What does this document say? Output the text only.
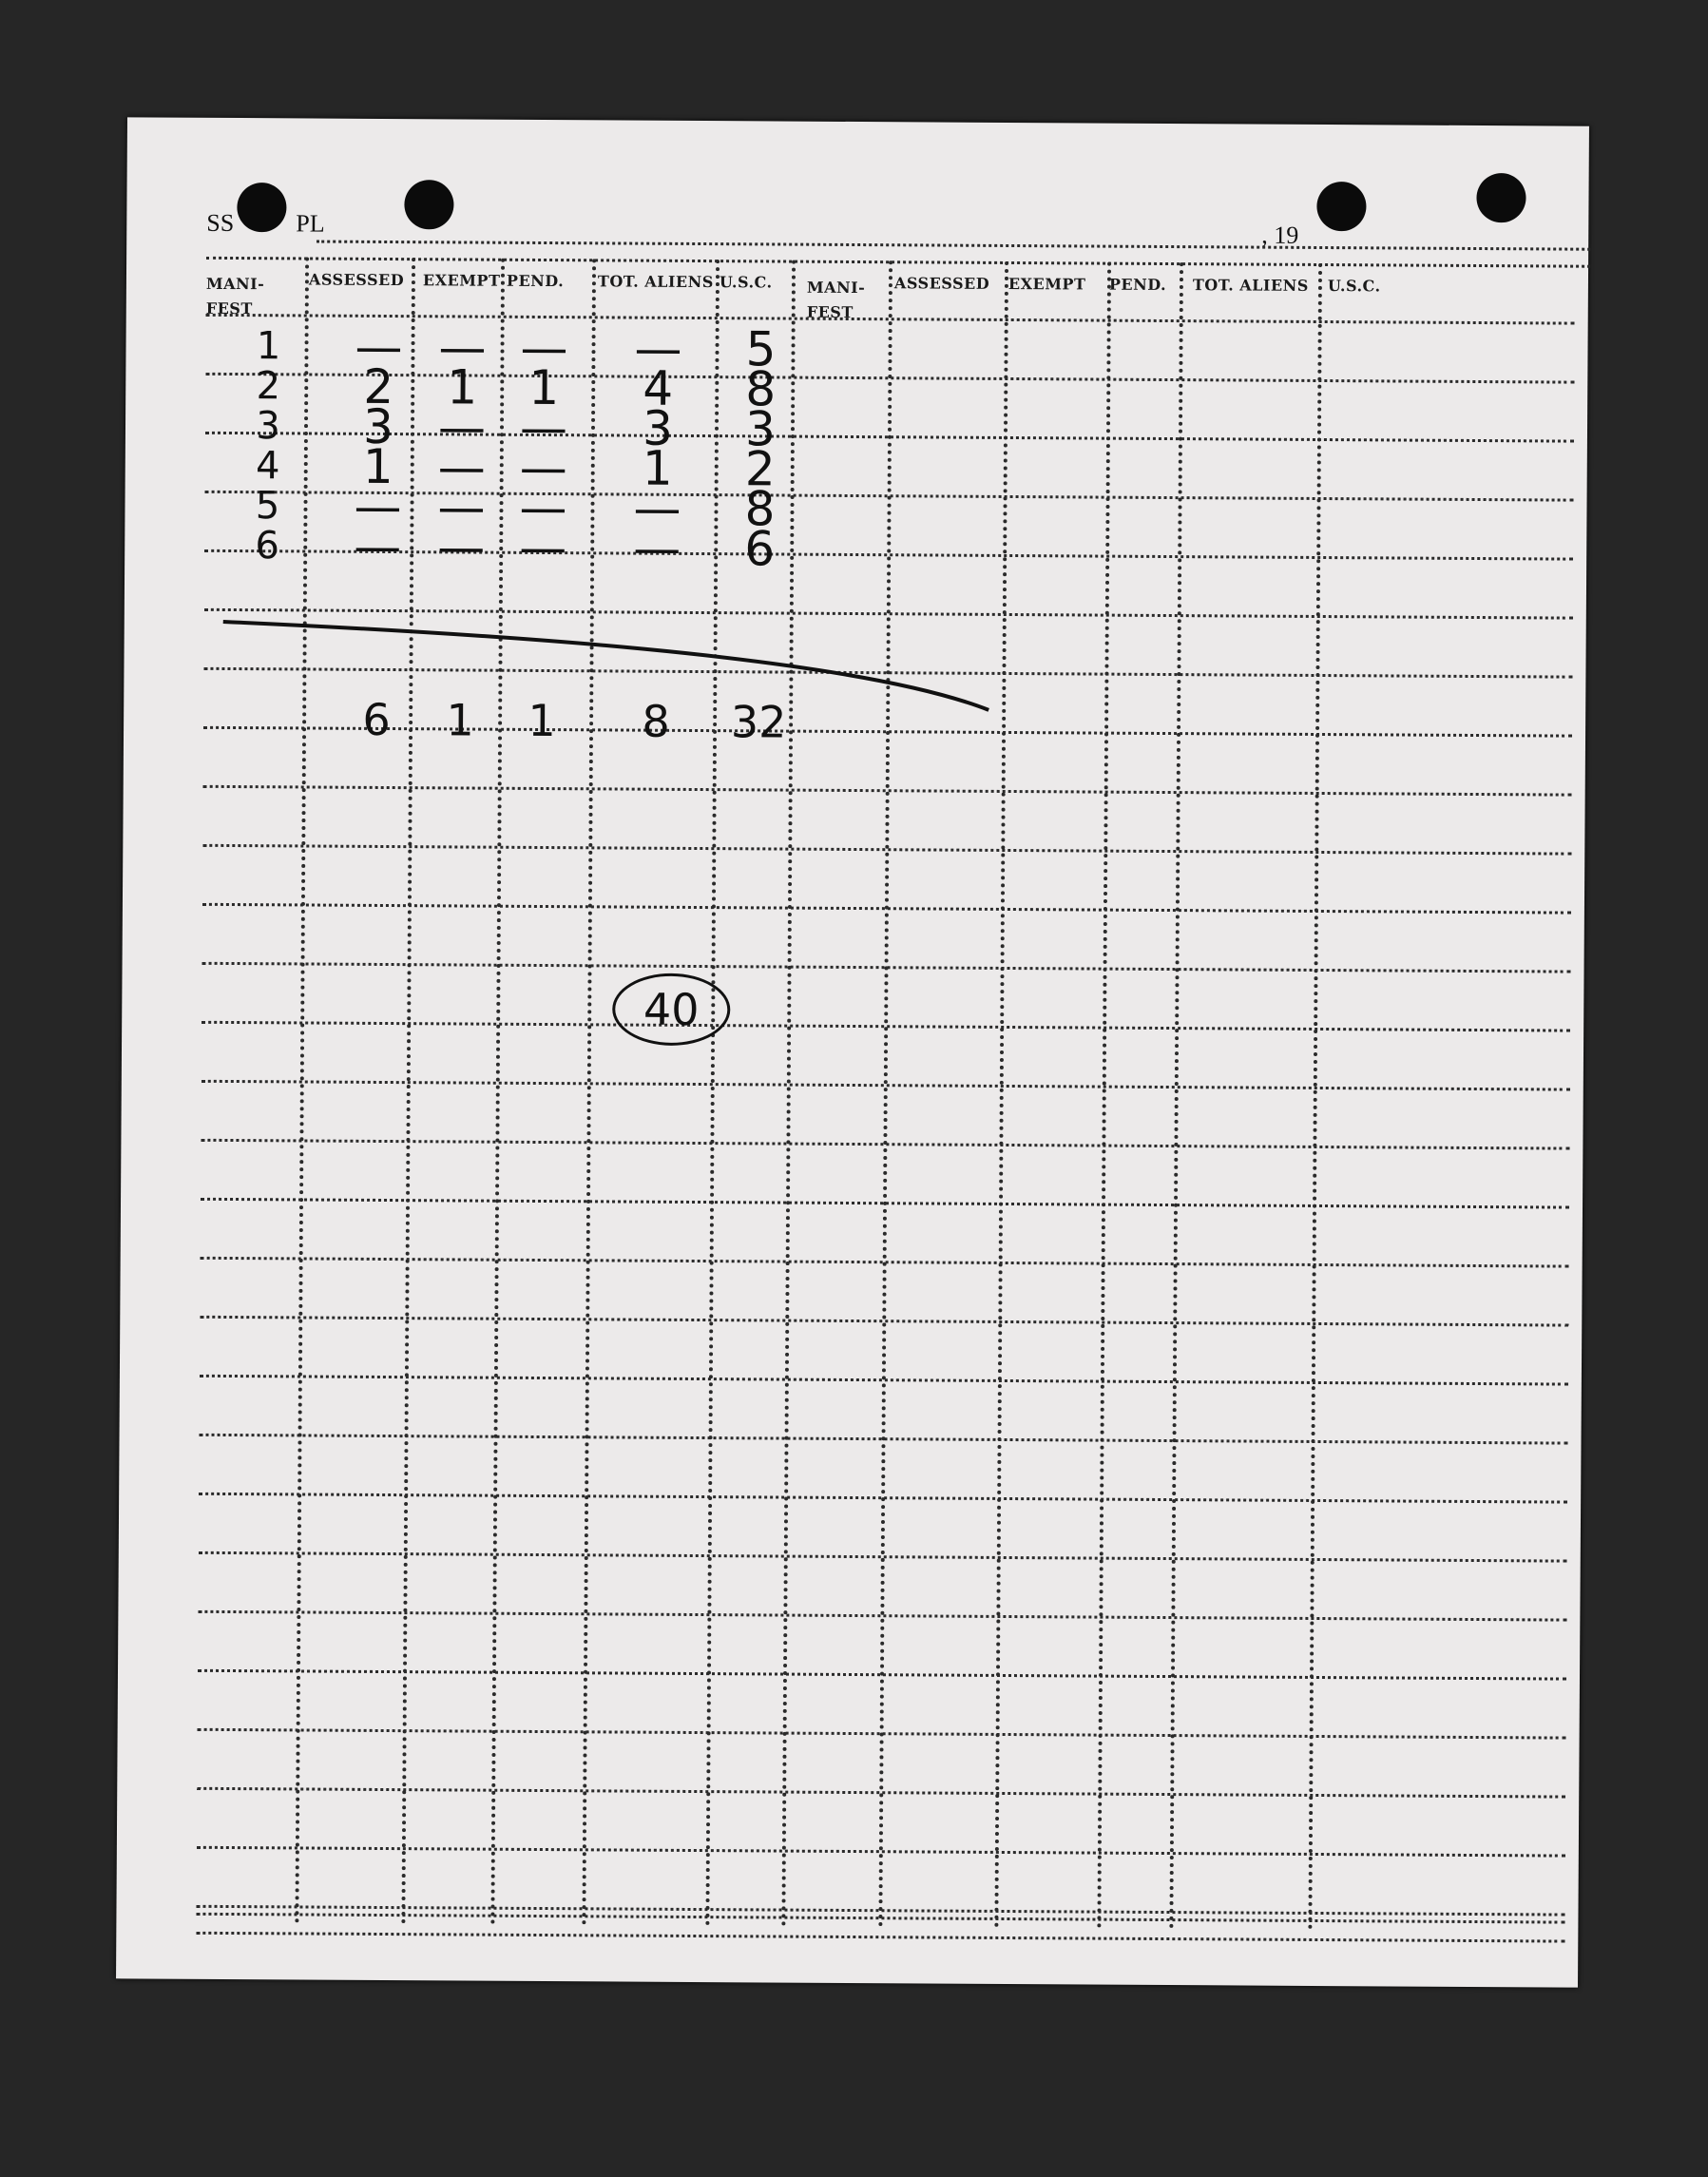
SS PL	, 19
MANI-
FEST
ASSESSED EXEMPT PEND. TOT. ALIENS U.S.C. MANI-
FEST
ASSESSED EXEMPT PEND. TOT. ALIENS U.S.C.
1 — — — — 5
2 2 1 1 4 8
3 3 — — 3 3
4 1 — — 1 2
5 — — — — 8
6 — — — — 6
6 1 1 8 32
40
